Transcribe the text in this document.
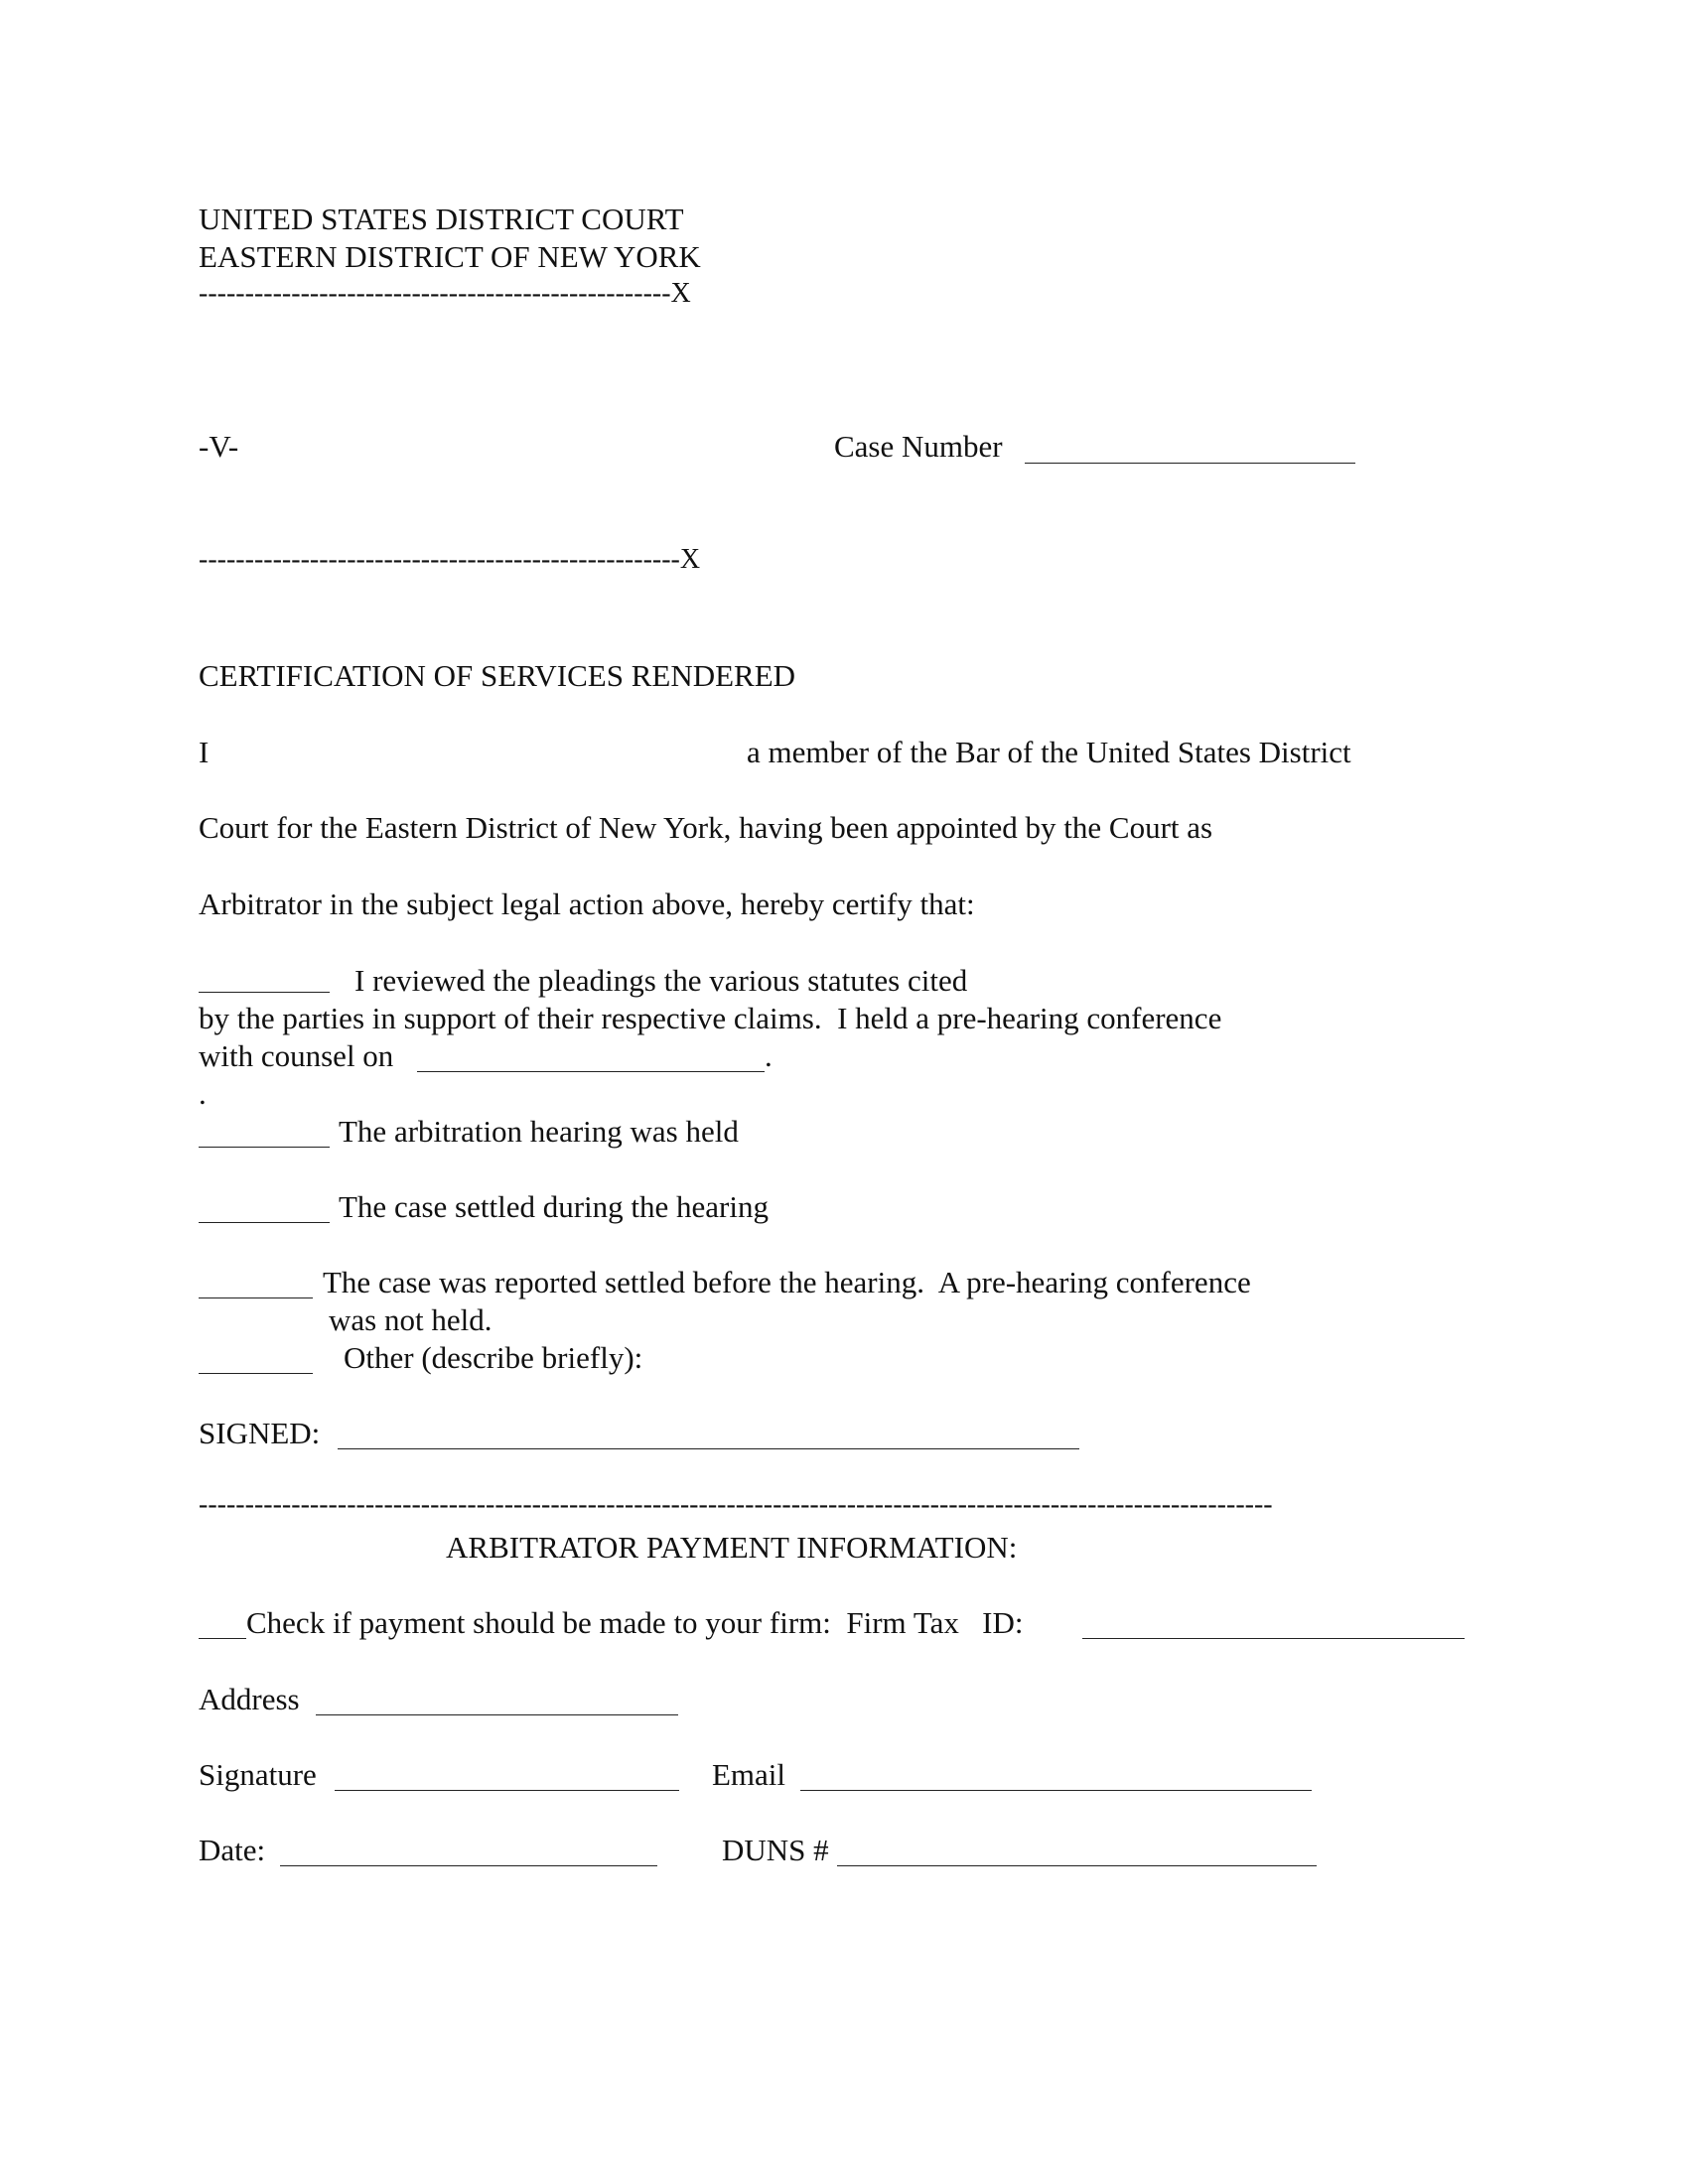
UNITED STATES DISTRICT COURT
EASTERN DISTRICT OF NEW YORK
---------------------------------------------------X
-V-	Case Number
----------------------------------------------------X
CERTIFICATION OF SERVICES RENDERED
I	a member of the Bar of the United States District
Court for the Eastern District of New York, having been appointed by the Court as
Arbitrator in the subject legal action above, hereby certify that:
I reviewed the pleadings the various statutes cited
by the parties in support of their respective claims.  I held a pre-hearing conference
with counsel on	.
.
The arbitration hearing was held
The case settled during the hearing
The case was reported settled before the hearing.  A pre-hearing conference
was not held.
Other (describe briefly):
SIGNED:
--------------------------------------------------------------------------------------------------------------------
ARBITRATOR PAYMENT INFORMATION:
Check if payment should be made to your firm:  Firm Tax   ID:
Address
Signature	Email
Date:	DUNS #
